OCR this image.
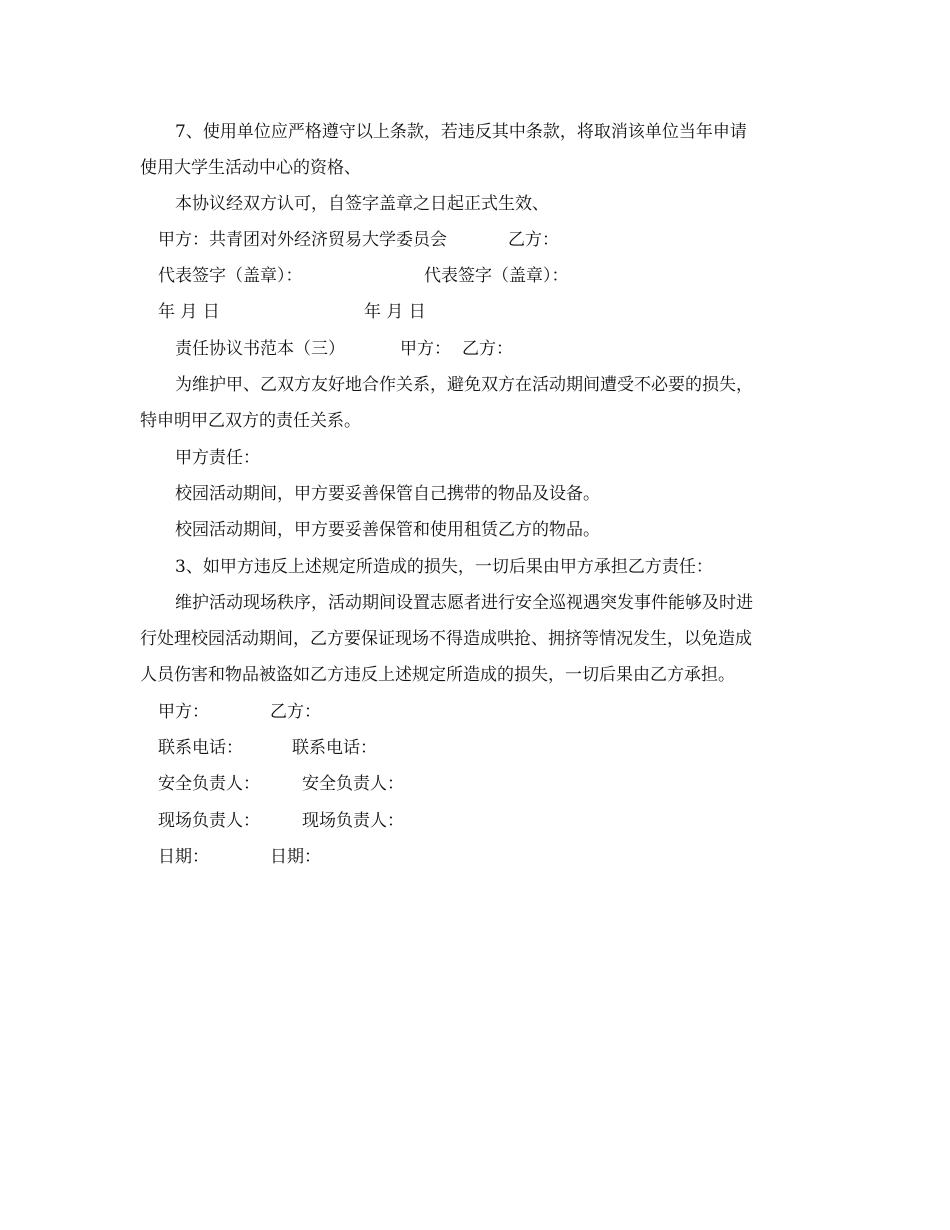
7、使用单位应严格遵守以上条款，若违反其中条款，将取消该单位当年申请
使用大学生活动中心的资格、
本协议经双方认可，自签字盖章之日起正式生效、
甲方：共青团对外经济贸易大学委员会	乙方：
代表签字（盖章）：	代表签字（盖章）：
年 月 日	年 月 日
责任协议书范本（三）	甲方： 乙方：
为维护甲、乙双方友好地合作关系，避免双方在活动期间遭受不必要的损失，
特申明甲乙双方的责任关系。
甲方责任：
校园活动期间，甲方要妥善保管自己携带的物品及设备。
校园活动期间，甲方要妥善保管和使用租赁乙方的物品。
3、如甲方违反上述规定所造成的损失，一切后果由甲方承担乙方责任：
维护活动现场秩序，活动期间设置志愿者进行安全巡视遇突发事件能够及时进
行处理校园活动期间，乙方要保证现场不得造成哄抢、拥挤等情况发生，以免造成
人员伤害和物品被盗如乙方违反上述规定所造成的损失，一切后果由乙方承担。
甲方：	乙方：
联系电话：	联系电话：
安全负责人： 安全负责人：
现场负责人： 现场负责人：
日期：	日期：
